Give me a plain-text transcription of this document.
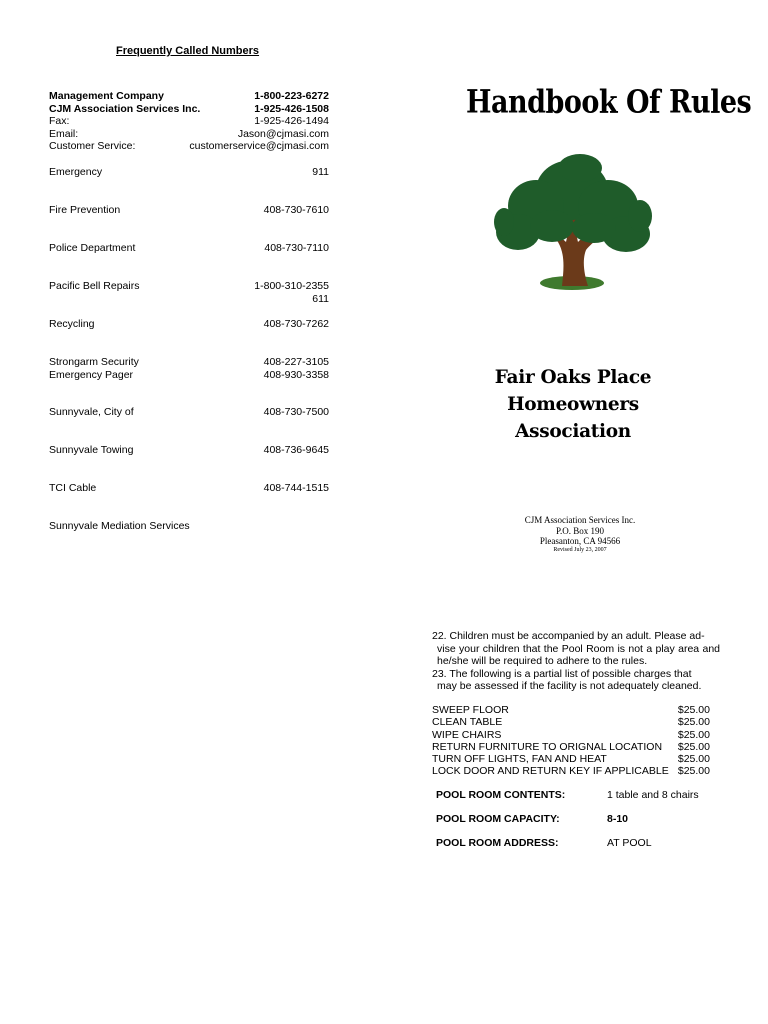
Frequently Called Numbers
Management Company	1-800-223-6272
CJM Association Services Inc.	1-925-426-1508
Fax:	1-925-426-1494
Email:	Jason@cjmasi.com
Customer Service:	customerservice@cjmasi.com
Emergency	911
Fire Prevention	408-730-7610
Police Department	408-730-7110
Pacific Bell Repairs	1-800-310-2355
611
Recycling	408-730-7262
Strongarm Security	408-227-3105
Emergency Pager	408-930-3358
Sunnyvale, City of	408-730-7500
Sunnyvale Towing	408-736-9645
TCI Cable	408-744-1515
Sunnyvale Mediation Services
Handbook Of Rules
Fair Oaks Place
Homeowners
Association
CJM Association Services Inc.
P.O. Box 190
Pleasanton, CA 94566
Revised July 23, 2007

22. Children must be accompanied by an adult. Please ad-

vise your children that the Pool Room is not a play area and he/she will be required to adhere to the rules.

23. The following is a partial list of possible charges that

may be assessed if the facility is not adequately cleaned.

SWEEP FLOOR	$25.00
CLEAN TABLE	$25.00
WIPE CHAIRS	$25.00
RETURN FURNITURE TO ORIGNAL LOCATION $25.00
TURN OFF LIGHTS, FAN AND HEAT	$25.00
LOCK DOOR AND RETURN KEY IF APPLICABLE $25.00
POOL ROOM CONTENTS:	1 table and 8 chairs
POOL ROOM CAPACITY:	8-10
POOL ROOM ADDRESS:	AT POOL
